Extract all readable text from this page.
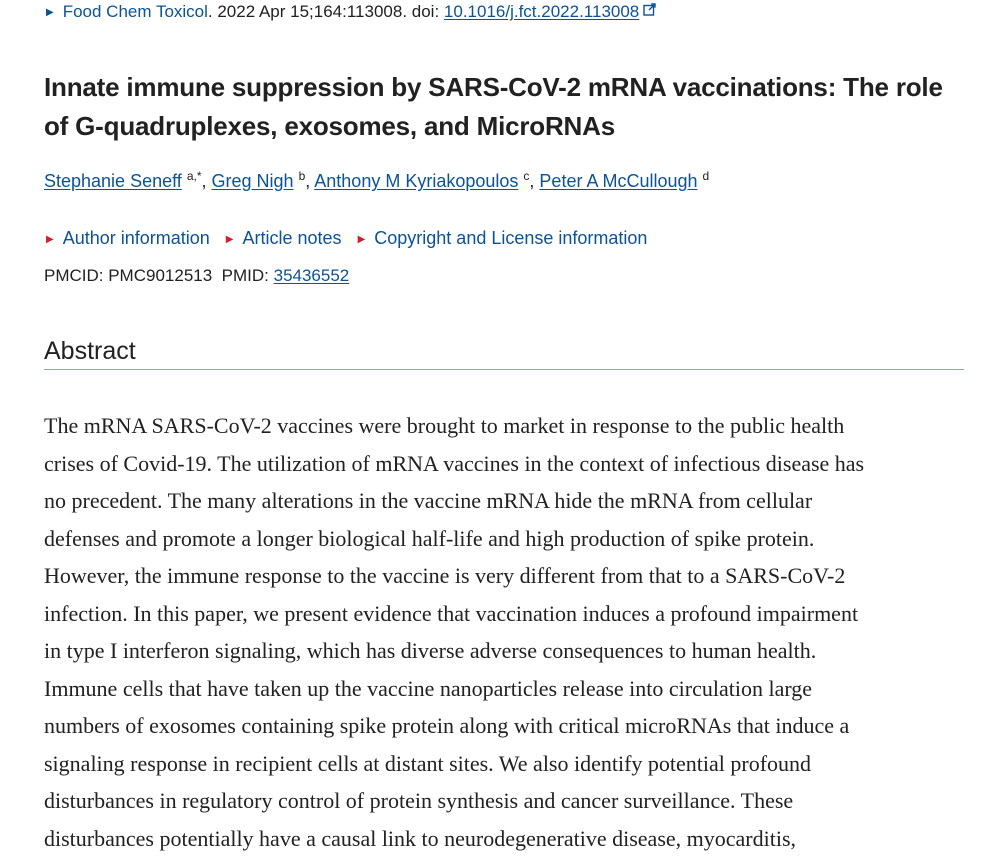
▶ Food Chem Toxicol. 2022 Apr 15;164:113008. doi: 10.1016/j.fct.2022.113008
Innate immune suppression by SARS-CoV-2 mRNA vaccinations: The role of G-quadruplexes, exosomes, and MicroRNAs
Stephanie Seneff $^{a,*}$, Greg Nigh $^b$, Anthony M Kyriakopoulos $^c$, Peter A McCullough $^d$
▶ Author information ▶ Article notes ▶ Copyright and License information
PMCID: PMC9012513 PMID: 35436552
Abstract

The mRNA SARS-CoV-2 vaccines were brought to market in response to the public health
crises of Covid-19. The utilization of mRNA vaccines in the context of infectious disease has
no precedent. The many alterations in the vaccine mRNA hide the mRNA from cellular
defenses and promote a longer biological half-life and high production of spike protein.
However, the immune response to the vaccine is very different from that to a SARS-CoV-2
infection. In this paper, we present evidence that vaccination induces a profound impairment
in type I interferon signaling, which has diverse adverse consequences to human health.
Immune cells that have taken up the vaccine nanoparticles release into circulation large
numbers of exosomes containing spike protein along with critical microRNAs that induce a
signaling response in recipient cells at distant sites. We also identify potential profound
disturbances in regulatory control of protein synthesis and cancer surveillance. These
disturbances potentially have a causal link to neurodegenerative disease, myocarditis,
